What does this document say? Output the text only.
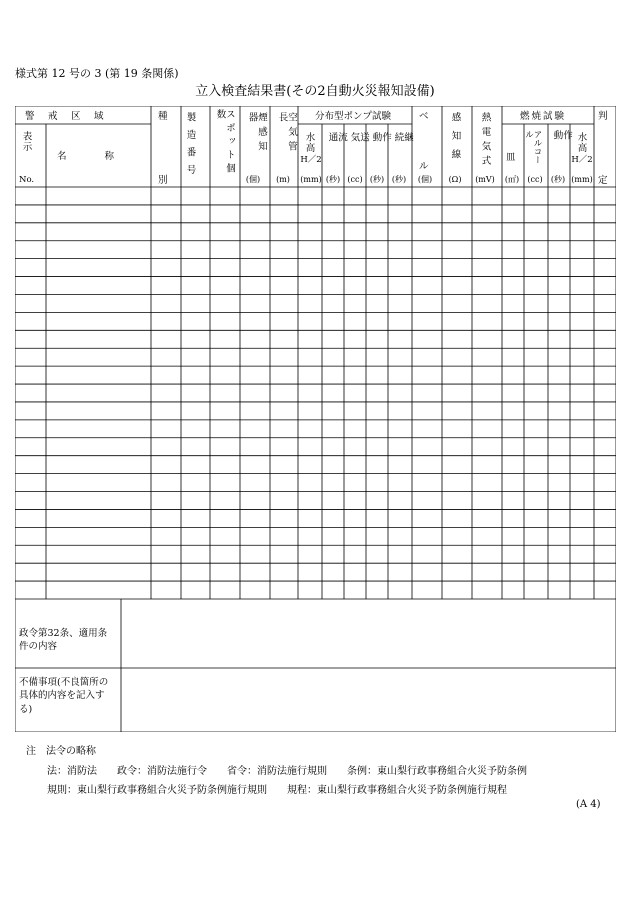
様式第 12 号の 3 (第 19 条関係)
立入検査結果書(その2自動火災報知設備)
警　戒　区　域
表示
No.
名　　　　称
種
別 製造番号	スポット個数	煙感知器
(個)
空気管長
(m)
分布型ポンプ試験
水高
H／2
(mm)
流通
(秒)
送気
(cc)
作動
(秒)
継続
(秒)
ベ
ル
(個)
感知線
(Ω)
熱電気式
(mV)
燃焼試験
皿
(㎡)
アルコール
(cc)
作動
(秒)
水高
H／2
(mm)
判
定
政令第32条、適用条件の内容
不備事項(不良箇所の具体的内容を記入する)
注　法令の略称
法：消防法　　政令：消防法施行令　　省令：消防法施行規則　　条例：東山梨行政事務組合火災予防条例
規則：東山梨行政事務組合火災予防条例施行規則　　規程：東山梨行政事務組合火災予防条例施行規程
(A 4)
